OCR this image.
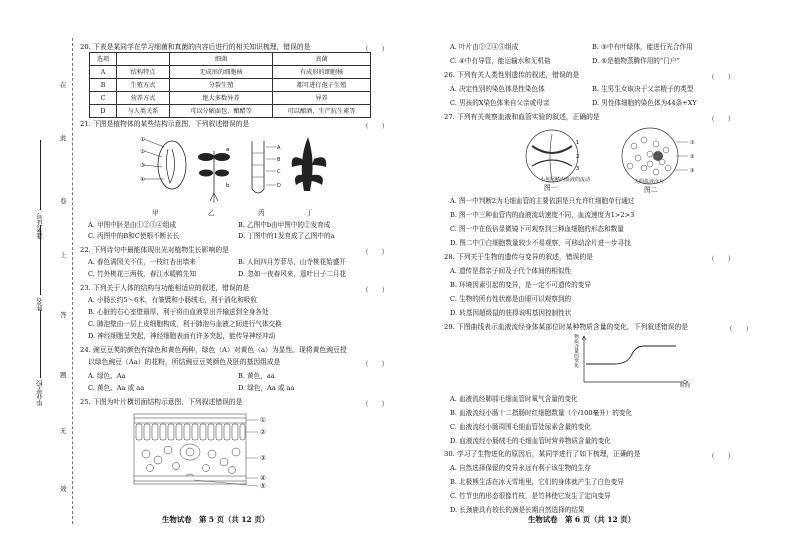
在
此
卷
上
答
题
无
效
准考证号
姓名
毕业学校
20. 下表是某同学在学习细菌和真菌的内容后进行的相关知识梳理，错误的是	（　　）
选项		细菌	真菌
A	结构特点	无成形的细胞核	有成形的细胞核
B	生殖方式	分裂生殖	都可进行孢子生殖
C	营养方式	绝大多数异养	异养
D	与人类关系	可以分解面包、酿醋等	可以酿酒、生产抗生素等
21. 下图是植物体的某些结构示意图，下列叙述错误的是	（　　）
①
②
③
④
a
b
A
B
C
D
甲	乙	丙	丁
A. 甲图中胚是由①②③④组成	B. 乙图中b由甲图中的②发育成
C. 丙图中的B和C使根不断长长	D. 丁图中的1发育成了乙图中的a
22. 下列诗句中最能体现出光对植物生长影响的是	（　　）
A. 春色满园关不住，一枝红杏出墙来	B. 人间四月芳菲尽，山寺桃花始盛开
C. 竹外桃花三两枝，春江水暖鸭先知	D. 忽如一夜春风来，遥叶日子二月花
23. 下列关于人体的结构与功能相适应的叙述，错误的是	（　　）
A. 小肠长约5～6米，有皱襞和小肠绒毛，利于消化和吸收
B. 心脏的右心室壁最厚，利于将由血液泵出并输送到全身各处
C. 肺泡壁由一层上皮细胞构成，利于肺泡与血液之间进行气体交换
D. 神经细胞呈突起，神经细胞表面有许多突起，能传导神经冲动
24. 豌豆豆荚的颜色有绿色和黄色两种，绿色（A）对黄色（a）为显性。现将黄色豌豆授
以绿色豌豆（Aa）的花粉，所结豌豆豆荚颜色及胚的基因组成是	（　　）
A. 绿色、Aa	B. 黄色，aa
C. 黄色、Aa 或 aa	D. 绿色，Aa 或 aa
25. 下图为叶片横切面结构示意图，下列叙述错误的是	（　　）
①
②
③
④
⑤
生物试卷　第 5 页（共 12 页）
A. 叶片由①②④⑤组成	B. ③中有叶绿体，能进行光合作用
C. ④中有导管，能运输水和无机盐	D. ⑤是植物蒸腾作用的“门户”
26. 下列有关人类性别遗传的叙述，错误的是	（　　）
A. 决定性别的染色体是性染色体	B. 生男生女取决于父亲精子的类型
C. 男孩的X染色体来自父亲或母亲	D. 男性体细胞的染色体为44条+XY
27. 下列有关观察血液和血管实验的叙述，正确的是	（　　）
1
2
3
①
②
③
小鱼尾鳍内血液的流动	人的血液涂片
图一	图二
A. 图一中判断2为毛细血管的主要依据是只允许红细胞单行通过
B. 图一中三种血管内的血液流动速度不同，血流速度为1>2>3
C. 图一中在低倍显微镜下可观察到三种血细胞的形态和数量
D. 图二中①白细胞数量较少不易观察，可移动涂片进一步寻找
28. 下列关于生物的遗传与变异的叙述，错误的是	（　　）
A. 遗传是指亲子间及子代个体间的相似性
B. 环境因素引起的变异，是一定不可遗传的变异
C. 生物的所有性状都是由眼可以观察到的
D. 转基因超级鼠的获得说明基因控制性状
29. 下图曲线表示血液流经身体某部位时某种物质含量的变化，下列叙述错误的是	（　　）
物质含量的变化
时间
A. 血液流经肺部毛细血管时氧气含量的变化
B. 血液流经小肠十二指肠时红细胞数量（个/100毫升）的变化
C. 血液流经小肠周围毛细血管处尿素含量的变化
D. 血液流经小肠绒毛的毛细血管时营养物质含量的变化
30. 学习了生物进化的原因后，某同学进行了如下梳理，正确的是	（　　）
A. 自然选择保留的变异永远有利于该生物的生存
B. 北极熊生活在冰天雪地里，它们的身体就产生了白色变异
C. 竹节虫的形态很像竹枝，是竹林使它发生了定向变异
D. 长颈鹿具有较长的颈是长期自然选择的结果
生物试卷　第 6 页（共 12 页）
